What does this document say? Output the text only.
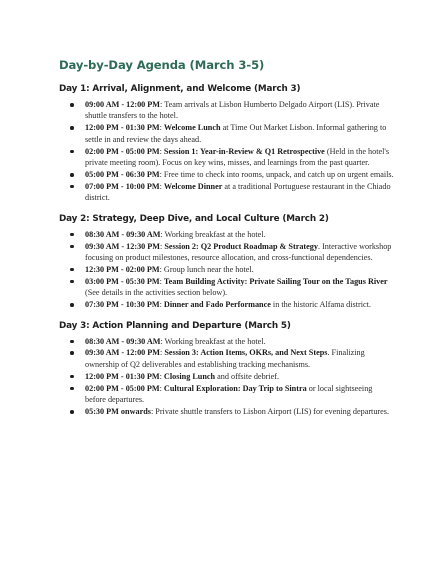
Day-by-Day Agenda (March 3-5)
Day 1: Arrival, Alignment, and Welcome (March 3)
09:00 AM - 12:00 PM: Team arrivals at Lisbon Humberto Delgado Airport (LIS). Private shuttle transfers to the hotel.
12:00 PM - 01:30 PM: Welcome Lunch at Time Out Market Lisbon. Informal gathering to settle in and review the days ahead.
02:00 PM - 05:00 PM: Session 1: Year-in-Review & Q1 Retrospective (Held in the hotel's private meeting room). Focus on key wins, misses, and learnings from the past quarter.
05:00 PM - 06:30 PM: Free time to check into rooms, unpack, and catch up on urgent emails.
07:00 PM - 10:00 PM: Welcome Dinner at a traditional Portuguese restaurant in the Chiado district.
Day 2: Strategy, Deep Dive, and Local Culture (March 2)
08:30 AM - 09:30 AM: Working breakfast at the hotel.
09:30 AM - 12:30 PM: Session 2: Q2 Product Roadmap & Strategy. Interactive workshop focusing on product milestones, resource allocation, and cross-functional dependencies.
12:30 PM - 02:00 PM: Group lunch near the hotel.
03:00 PM - 05:30 PM: Team Building Activity: Private Sailing Tour on the Tagus River (See details in the activities section below).
07:30 PM - 10:30 PM: Dinner and Fado Performance in the historic Alfama district.
Day 3: Action Planning and Departure (March 5)
08:30 AM - 09:30 AM: Working breakfast at the hotel.
09:30 AM - 12:00 PM: Session 3: Action Items, OKRs, and Next Steps. Finalizing ownership of Q2 deliverables and establishing tracking mechanisms.
12:00 PM - 01:30 PM: Closing Lunch and offsite debrief.
02:00 PM - 05:00 PM: Cultural Exploration: Day Trip to Sintra or local sightseeing before departures.
05:30 PM onwards: Private shuttle transfers to Lisbon Airport (LIS) for evening departures.
